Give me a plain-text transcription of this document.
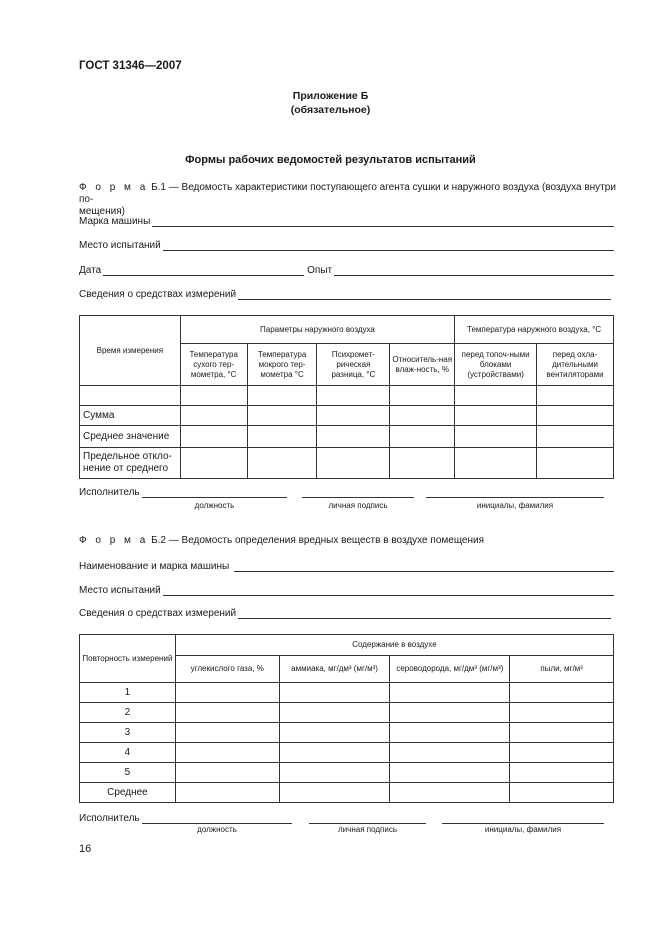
ГОСТ 31346—2007
Приложение Б
(обязательное)
Формы рабочих ведомостей результатов испытаний
Ф о р м а Б.1 — Ведомость характеристики поступающего агента сушки и наружного воздуха (воздуха внутри по-
мещения)
Марка машины
Место испытаний
Дата	Опыт
Сведения о средствах измерений
Время измерения	Параметры наружного воздуха				Температура наружного воздуха, °С	
	Температура сухого тер-мометра, °С	Температура мокрого тер-мометра °С	Психромет-рическая разница, °С	Относитель-ная влаж-ность, %	перед топоч-ными блоками (устройствами)	перед охла-дительными вентиляторами

Сумма						
Среднее значение						
Предельное откло-нение от среднего						
Исполнитель
должность	личная подпись	инициалы, фамилия
Ф о р м а Б.2 — Ведомость определения вредных веществ в воздухе помещения
Наименование и марка машины
Место испытаний
Сведения о средствах измерений
Повторность измерений	Содержание в воздухе			
	углекислого газа, %	аммиака, мг/дм³ (мг/м³)	сероводорода, мг/дм³ (мг/м³)	пыли, мг/м³
1				
2				
3				
4				
5				
Среднее				
Исполнитель
должность	личная подпись	инициалы, фамилия
16
